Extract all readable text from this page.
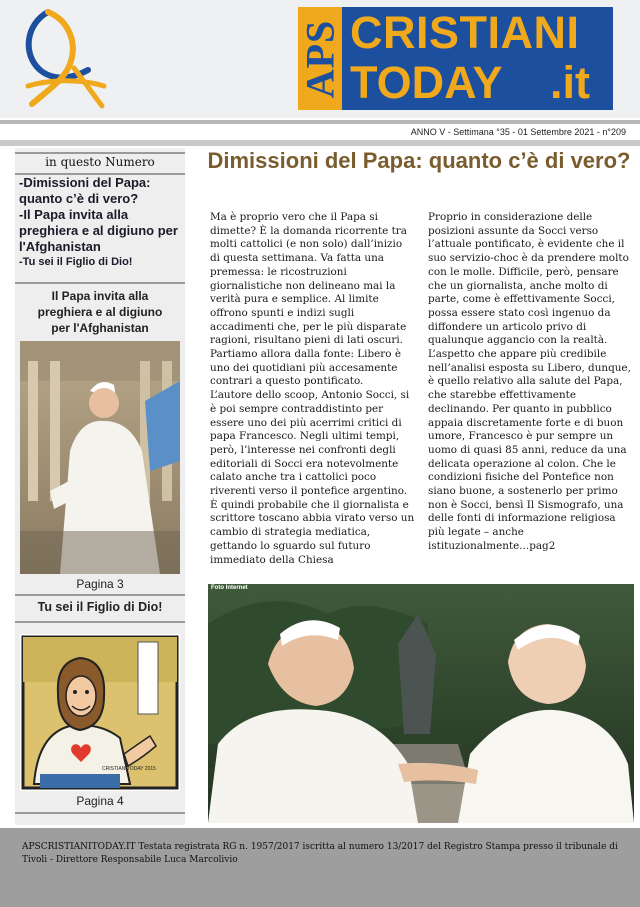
APS CRISTIANI
TODAY .it
ANNO V - Settimana °35 - 01 Settembre 2021 - n°209
in questo Numero

-Dimissioni del Papa: quanto c’è di vero?

-Il Papa invita alla preghiera e al digiuno per l'Afghanistan

-Tu sei il Figlio di Dio!

Il Papa invita alla preghiera e al digiuno per l'Afghanistan
Pagina 3
Tu sei il Figlio di Dio!
CRISTIANITODAY 2015
Pagina 4
Dimissioni del Papa: quanto c’è di vero?

Ma è proprio vero che il Papa si dimette? È la domanda ricorrente tra molti cattolici (e non solo) dall’inizio di questa settimana. Va fatta una premessa: le ricostruzioni giornalistiche non delineano mai la verità pura e semplice. Al limite offrono spunti e indizi sugli accadimenti che, per le più disparate ragioni, risultano pieni di lati oscuri. Partiamo allora dalla fonte: Libero è uno dei quotidiani più accesamente contrari a questo pontificato.

L’autore dello scoop, Antonio Socci, si è poi sempre contraddistinto per essere uno dei più acerrimi critici di papa Francesco. Negli ultimi tempi, però, l’interesse nei confronti degli editoriali di Socci era notevolmente calato anche tra i cattolici poco riverenti verso il pontefice argentino. È quindi probabile che il giornalista e scrittore toscano abbia virato verso un cambio di strategia mediatica, gettando lo sguardo sul futuro immediato della Chiesa

Proprio in considerazione delle posizioni assunte da Socci verso l’attuale pontificato, è evidente che il suo servizio-choc è da prendere molto con le molle. Difficile, però, pensare che un giornalista, anche molto di parte, come è effettivamente Socci, possa essere stato così ingenuo da diffondere un articolo privo di qualunque aggancio con la realtà. L’aspetto che appare più credibile nell’analisi esposta su Libero, dunque, è quello relativo alla salute del Papa, che starebbe effettivamente declinando. Per quanto in pubblico appaia discretamente forte e di buon umore, Francesco è pur sempre un uomo di quasi 85 anni, reduce da una delicata operazione al colon. Che le condizioni fisiche del Pontefice non siano buone, a sostenerlo per primo non è Socci, bensì Il Sismografo, una delle fonti di informazione religiosa più legate – anche istituzionalmente...pag2

Foto Internet
APSCRISTIANITODAY.IT Testata registrata RG n. 1957/2017 iscritta al numero 13/2017 del Registro Stampa presso il tribunale di Tivoli - Direttore Responsabile Luca Marcolivio
